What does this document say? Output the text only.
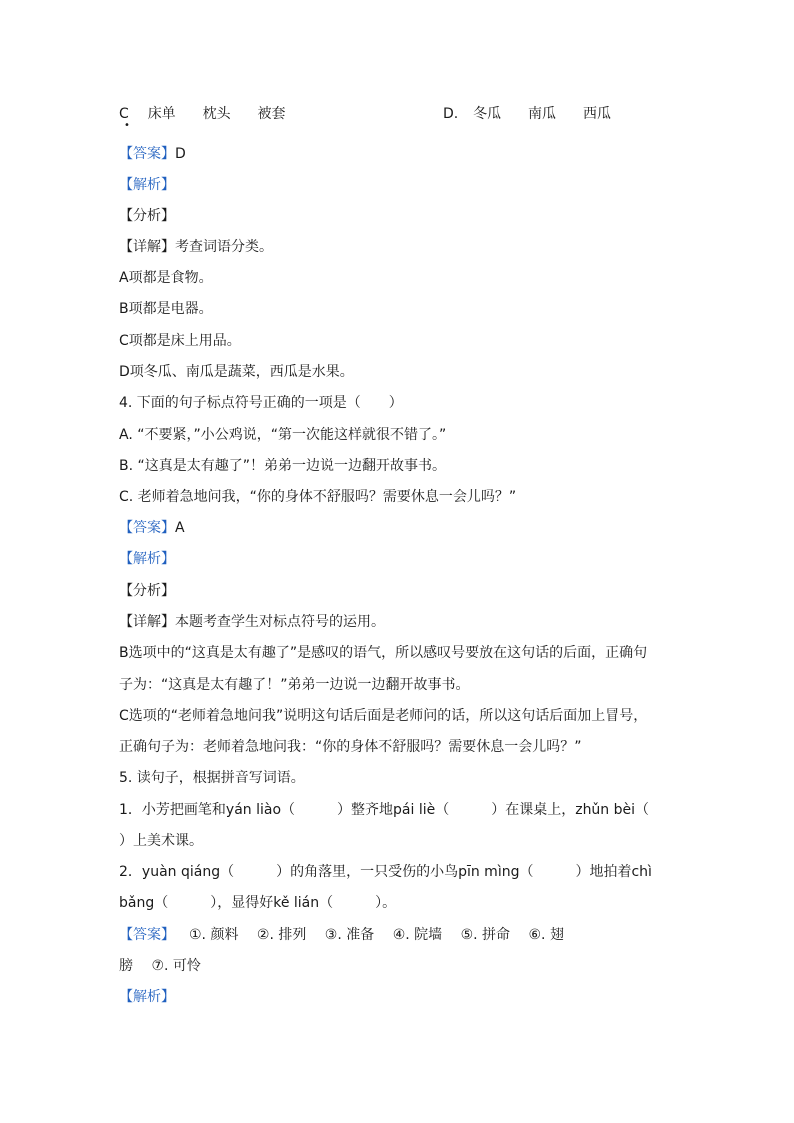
C 床单 枕头 被套
•
D. 冬瓜 南瓜 西瓜
【答案】D
【解析】
【分析】
【详解】考查词语分类。
A项都是食物。
B项都是电器。
C项都是床上用品。
D项冬瓜、南瓜是蔬菜，西瓜是水果。
4. 下面的句子标点符号正确的一项是（　　）
A. “不要紧，”小公鸡说，“第一次能这样就很不错了。”
B. “这真是太有趣了”！弟弟一边说一边翻开故事书。
C. 老师着急地问我，“你的身体不舒服吗？需要休息一会儿吗？”
【答案】A
【解析】
【分析】
【详解】本题考查学生对标点符号的运用。
B选项中的“这真是太有趣了”是感叹的语气，所以感叹号要放在这句话的后面，正确句
子为：“这真是太有趣了！”弟弟一边说一边翻开故事书。
C选项的“老师着急地问我”说明这句话后面是老师问的话，所以这句话后面加上冒号，
正确句子为：老师着急地问我：“你的身体不舒服吗？需要休息一会儿吗？”
5. 读句子，根据拼音写词语。
1．小芳把画笔和yán liào（　　　）整齐地pái liè（　　　）在课桌上，zhǔn bèi（
）上美术课。
2．yuàn qiáng（　　　）的角落里，一只受伤的小鸟pīn mìng（　　　）地拍着chì
bǎng（　　　），显得好kě lián（　　　）。
【答案】 ①. 颜料　 ②. 排列　 ③. 准备　 ④. 院墙　 ⑤. 拼命　 ⑥. 翅
膀　 ⑦. 可怜
【解析】
